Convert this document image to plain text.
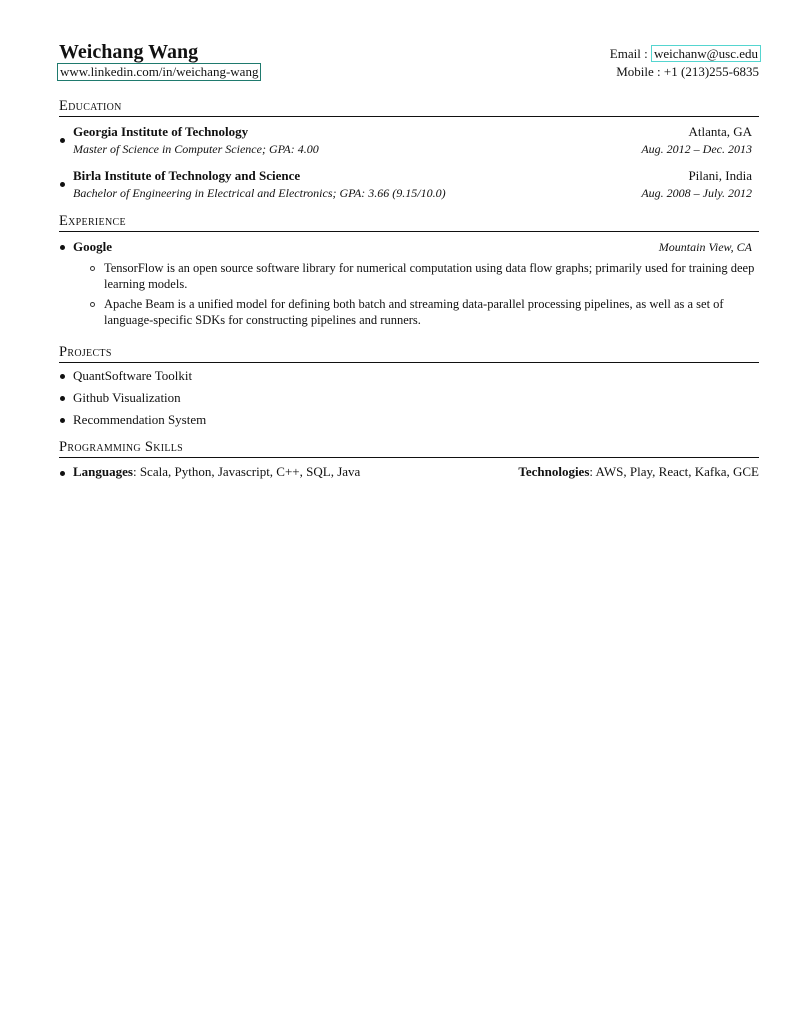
Weichang Wang
www.linkedin.com/in/weichang-wang
Email : weichanw@usc.edu
Mobile : +1 (213)255-6835
Education
Georgia Institute of Technology	Atlanta, GA
Master of Science in Computer Science; GPA: 4.00	Aug. 2012 – Dec. 2013
Birla Institute of Technology and Science	Pilani, India
Bachelor of Engineering in Electrical and Electronics; GPA: 3.66 (9.15/10.0)	Aug. 2008 – July. 2012
Experience
Google	Mountain View, CA
TensorFlow is an open source software library for numerical computation using data flow graphs; primarily used for training deep learning models.
Apache Beam is a unified model for defining both batch and streaming data-parallel processing pipelines, as well as a set of language-specific SDKs for constructing pipelines and runners.
Projects
QuantSoftware Toolkit
Github Visualization
Recommendation System
Programming Skills
Languages: Scala, Python, Javascript, C++, SQL, Java	Technologies: AWS, Play, React, Kafka, GCE
